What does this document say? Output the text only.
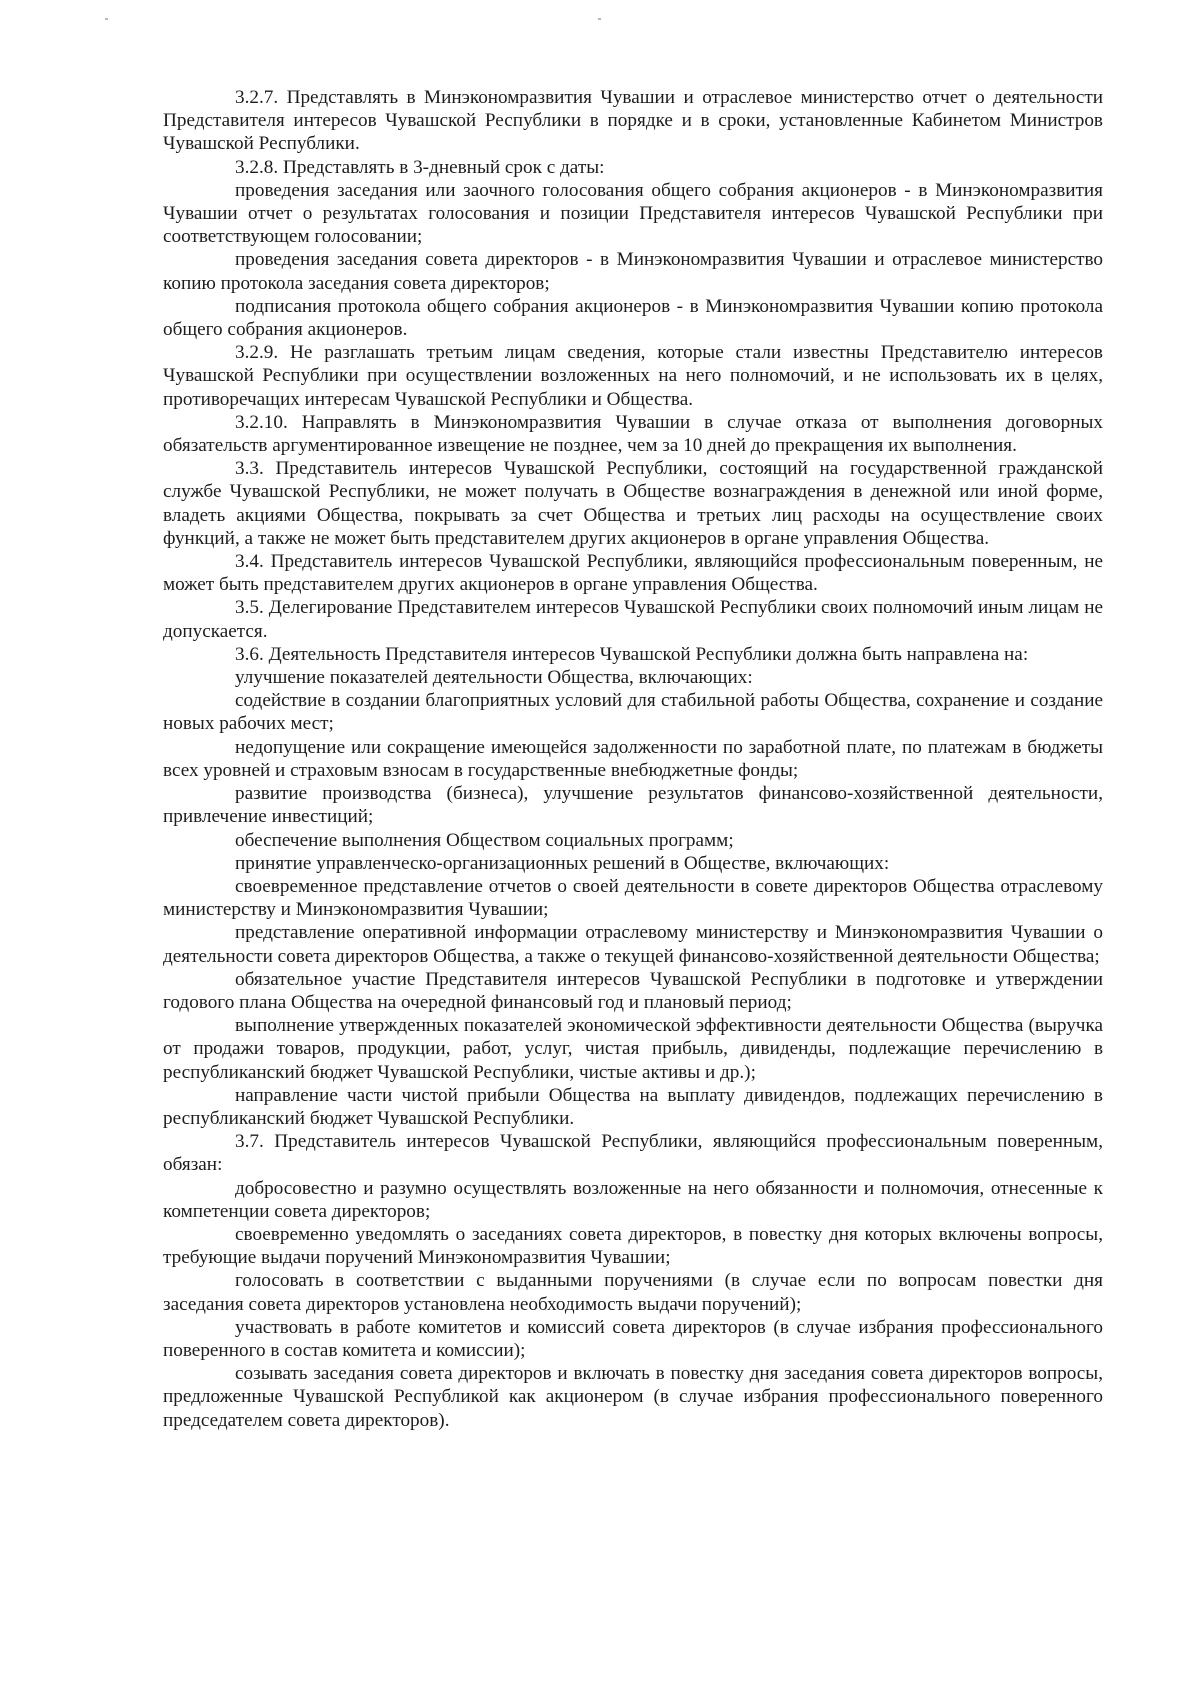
3.2.7. Представлять в Минэкономразвития Чувашии и отраслевое министерство отчет о деятельности Представителя интересов Чувашской Республики в порядке и в сроки, установленные Кабинетом Министров Чувашской Республики.

3.2.8. Представлять в 3-дневный срок с даты:

проведения заседания или заочного голосования общего собрания акционеров - в Минэкономразвития Чувашии отчет о результатах голосования и позиции Представителя интересов Чувашской Республики при соответствующем голосовании;

проведения заседания совета директоров - в Минэкономразвития Чувашии и отраслевое министерство копию протокола заседания совета директоров;

подписания протокола общего собрания акционеров - в Минэкономразвития Чувашии копию протокола общего собрания акционеров.

3.2.9. Не разглашать третьим лицам сведения, которые стали известны Представителю интересов Чувашской Республики при осуществлении возложенных на него полномочий, и не использовать их в целях, противоречащих интересам Чувашской Республики и Общества.

3.2.10. Направлять в Минэкономразвития Чувашии в случае отказа от выполнения договорных обязательств аргументированное извещение не позднее, чем за 10 дней до прекращения их выполнения.

3.3. Представитель интересов Чувашской Республики, состоящий на государственной гражданской службе Чувашской Республики, не может получать в Обществе вознаграждения в денежной или иной форме, владеть акциями Общества, покрывать за счет Общества и третьих лиц расходы на осуществление своих функций, а также не может быть представителем других акционеров в органе управления Общества.

3.4. Представитель интересов Чувашской Республики, являющийся профессиональным поверенным, не может быть представителем других акционеров в органе управления Общества.

3.5. Делегирование Представителем интересов Чувашской Республики своих полномочий иным лицам не допускается.

3.6. Деятельность Представителя интересов Чувашской Республики должна быть направлена на:

улучшение показателей деятельности Общества, включающих:

содействие в создании благоприятных условий для стабильной работы Общества, сохранение и создание новых рабочих мест;

недопущение или сокращение имеющейся задолженности по заработной плате, по платежам в бюджеты всех уровней и страховым взносам в государственные внебюджетные фонды;

развитие производства (бизнеса), улучшение результатов финансово-хозяйственной деятельности, привлечение инвестиций;

обеспечение выполнения Обществом социальных программ;

принятие управленческо-организационных решений в Обществе, включающих:

своевременное представление отчетов о своей деятельности в совете директоров Общества отраслевому министерству и Минэкономразвития Чувашии;

представление оперативной информации отраслевому министерству и Минэкономразвития Чувашии о деятельности совета директоров Общества, а также о текущей финансово-хозяйственной деятельности Общества;

обязательное участие Представителя интересов Чувашской Республики в подготовке и утверждении годового плана Общества на очередной финансовый год и плановый период;

выполнение утвержденных показателей экономической эффективности деятельности Общества (выручка от продажи товаров, продукции, работ, услуг, чистая прибыль, дивиденды, подлежащие перечислению в республиканский бюджет Чувашской Республики, чистые активы и др.);

направление части чистой прибыли Общества на выплату дивидендов, подлежащих перечислению в республиканский бюджет Чувашской Республики.

3.7. Представитель интересов Чувашской Республики, являющийся профессиональным поверенным, обязан:

добросовестно и разумно осуществлять возложенные на него обязанности и полномочия, отнесенные к компетенции совета директоров;

своевременно уведомлять о заседаниях совета директоров, в повестку дня которых включены вопросы, требующие выдачи поручений Минэкономразвития Чувашии;

голосовать в соответствии с выданными поручениями (в случае если по вопросам повестки дня заседания совета директоров установлена необходимость выдачи поручений);

участвовать в работе комитетов и комиссий совета директоров (в случае избрания профессионального поверенного в состав комитета и комиссии);

созывать заседания совета директоров и включать в повестку дня заседания совета директоров вопросы, предложенные Чувашской Республикой как акционером (в случае избрания профессионального поверенного председателем совета директоров).
